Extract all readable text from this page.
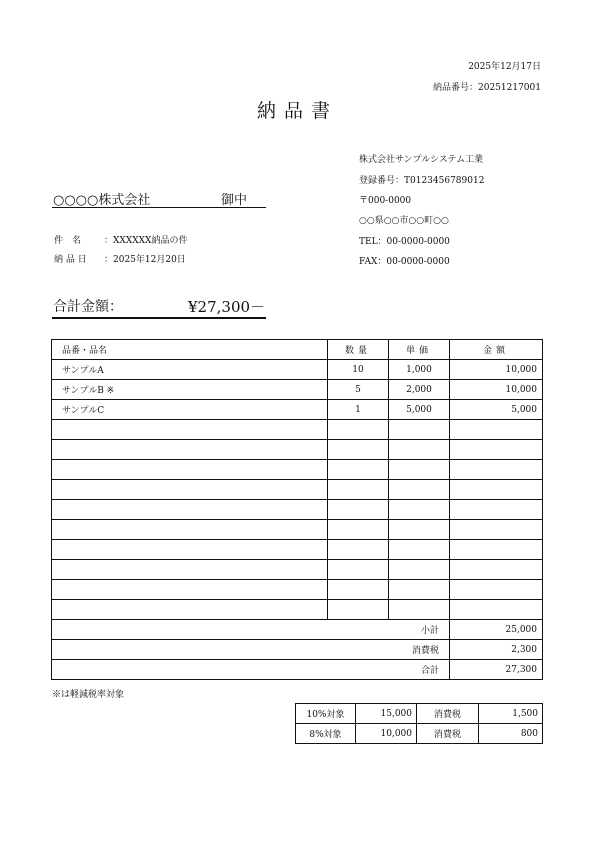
2025年12月17日
納品番号：20251217001
納品書
株式会社サンプルシステム工業
登録番号：T0123456789012
〒000-0000
○○県○○市○○町○○
TEL：00-0000-0000
FAX：00-0000-0000
○○○○株式会社	御中
件　名	：XXXXXX納品の件
納 品 日 ：2025年12月20日
合計金額：	¥27,300－
品番・品名	数量	単価	金額
サンプルA	10	1,000	10,000
サンプルB ※	5	2,000	10,000
サンプルC	1	5,000	5,000

小計			25,000
消費税			2,300
合計			27,300
※は軽減税率対象
10%対象	15,000	消費税	1,500
8%対象	10,000	消費税	800
